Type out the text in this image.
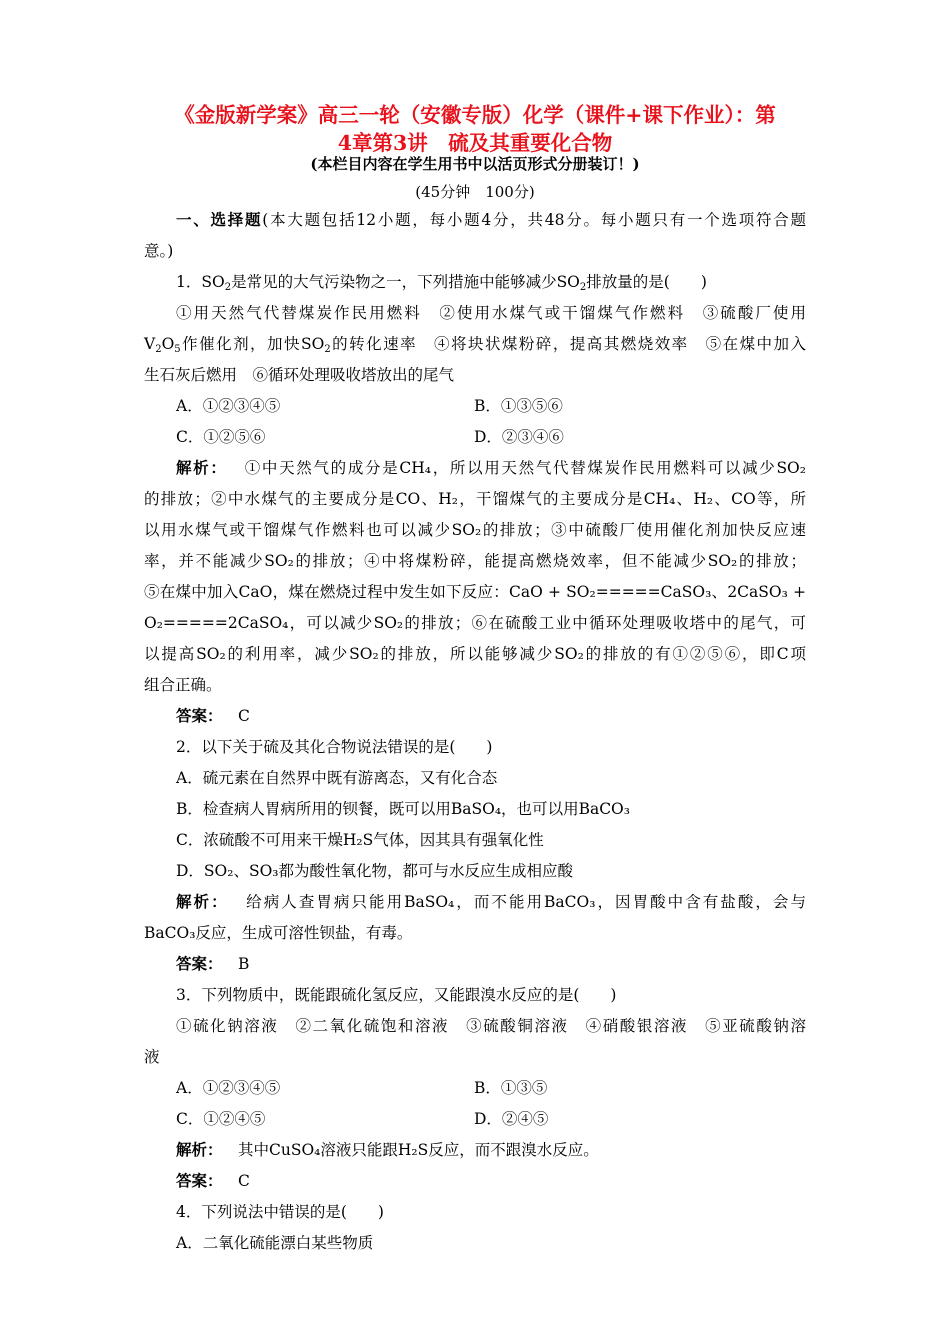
《金版新学案》高三一轮（安徽专版）化学（课件+课下作业）：第
4章第3讲　硫及其重要化合物
(本栏目内容在学生用书中以活页形式分册装订！)
(45分钟　100分)
一、选择题(本大题包括12小题，每小题4分，共48分。每小题只有一个选项符合题
意。)
1．$SO_2$是常见的大气污染物之一，下列措施中能够减少$SO_2$排放量的是(　　)
①用天然气代替煤炭作民用燃料　②使用水煤气或干馏煤气作燃料　③硫酸厂使用
$V_2O_5$作催化剂，加快$SO_2$的转化速率　④将块状煤粉碎，提高其燃烧效率　⑤在煤中加入
生石灰后燃用　⑥循环处理吸收塔放出的尾气
A．①②③④⑤	B．①③⑤⑥
C．①②⑤⑥	D．②③④⑥
解析：  ①中天然气的成分是CH₄，所以用天然气代替煤炭作民用燃料可以减少SO₂
的排放；②中水煤气的主要成分是CO、H₂，干馏煤气的主要成分是CH₄、H₂、CO等，所
以用水煤气或干馏煤气作燃料也可以减少SO₂的排放；③中硫酸厂使用催化剂加快反应速
率，并不能减少SO₂的排放；④中将煤粉碎，能提高燃烧效率，但不能减少SO₂的排放；
⑤在煤中加入CaO，煤在燃烧过程中发生如下反应：CaO + SO₂=====CaSO₃、2CaSO₃ +
O₂=====2CaSO₄，可以减少SO₂的排放；⑥在硫酸工业中循环处理吸收塔中的尾气，可
以提高SO₂的利用率，减少SO₂的排放，所以能够减少SO₂的排放的有①②⑤⑥，即C项
组合正确。
答案：  C
2．以下关于硫及其化合物说法错误的是(　　)
A．硫元素在自然界中既有游离态，又有化合态
B．检查病人胃病所用的钡餐，既可以用BaSO₄，也可以用BaCO₃
C．浓硫酸不可用来干燥H₂S气体，因其具有强氧化性
D．SO₂、SO₃都为酸性氧化物，都可与水反应生成相应酸
解析：  给病人查胃病只能用BaSO₄，而不能用BaCO₃，因胃酸中含有盐酸，会与
BaCO₃反应，生成可溶性钡盐，有毒。
答案：  B
3．下列物质中，既能跟硫化氢反应，又能跟溴水反应的是(　　)
①硫化钠溶液　②二氧化硫饱和溶液　③硫酸铜溶液　④硝酸银溶液　⑤亚硫酸钠溶
液
A．①②③④⑤	B．①③⑤
C．①②④⑤	D．②④⑤
解析：  其中CuSO₄溶液只能跟H₂S反应，而不跟溴水反应。
答案：  C
4．下列说法中错误的是(　　)
A．二氧化硫能漂白某些物质
